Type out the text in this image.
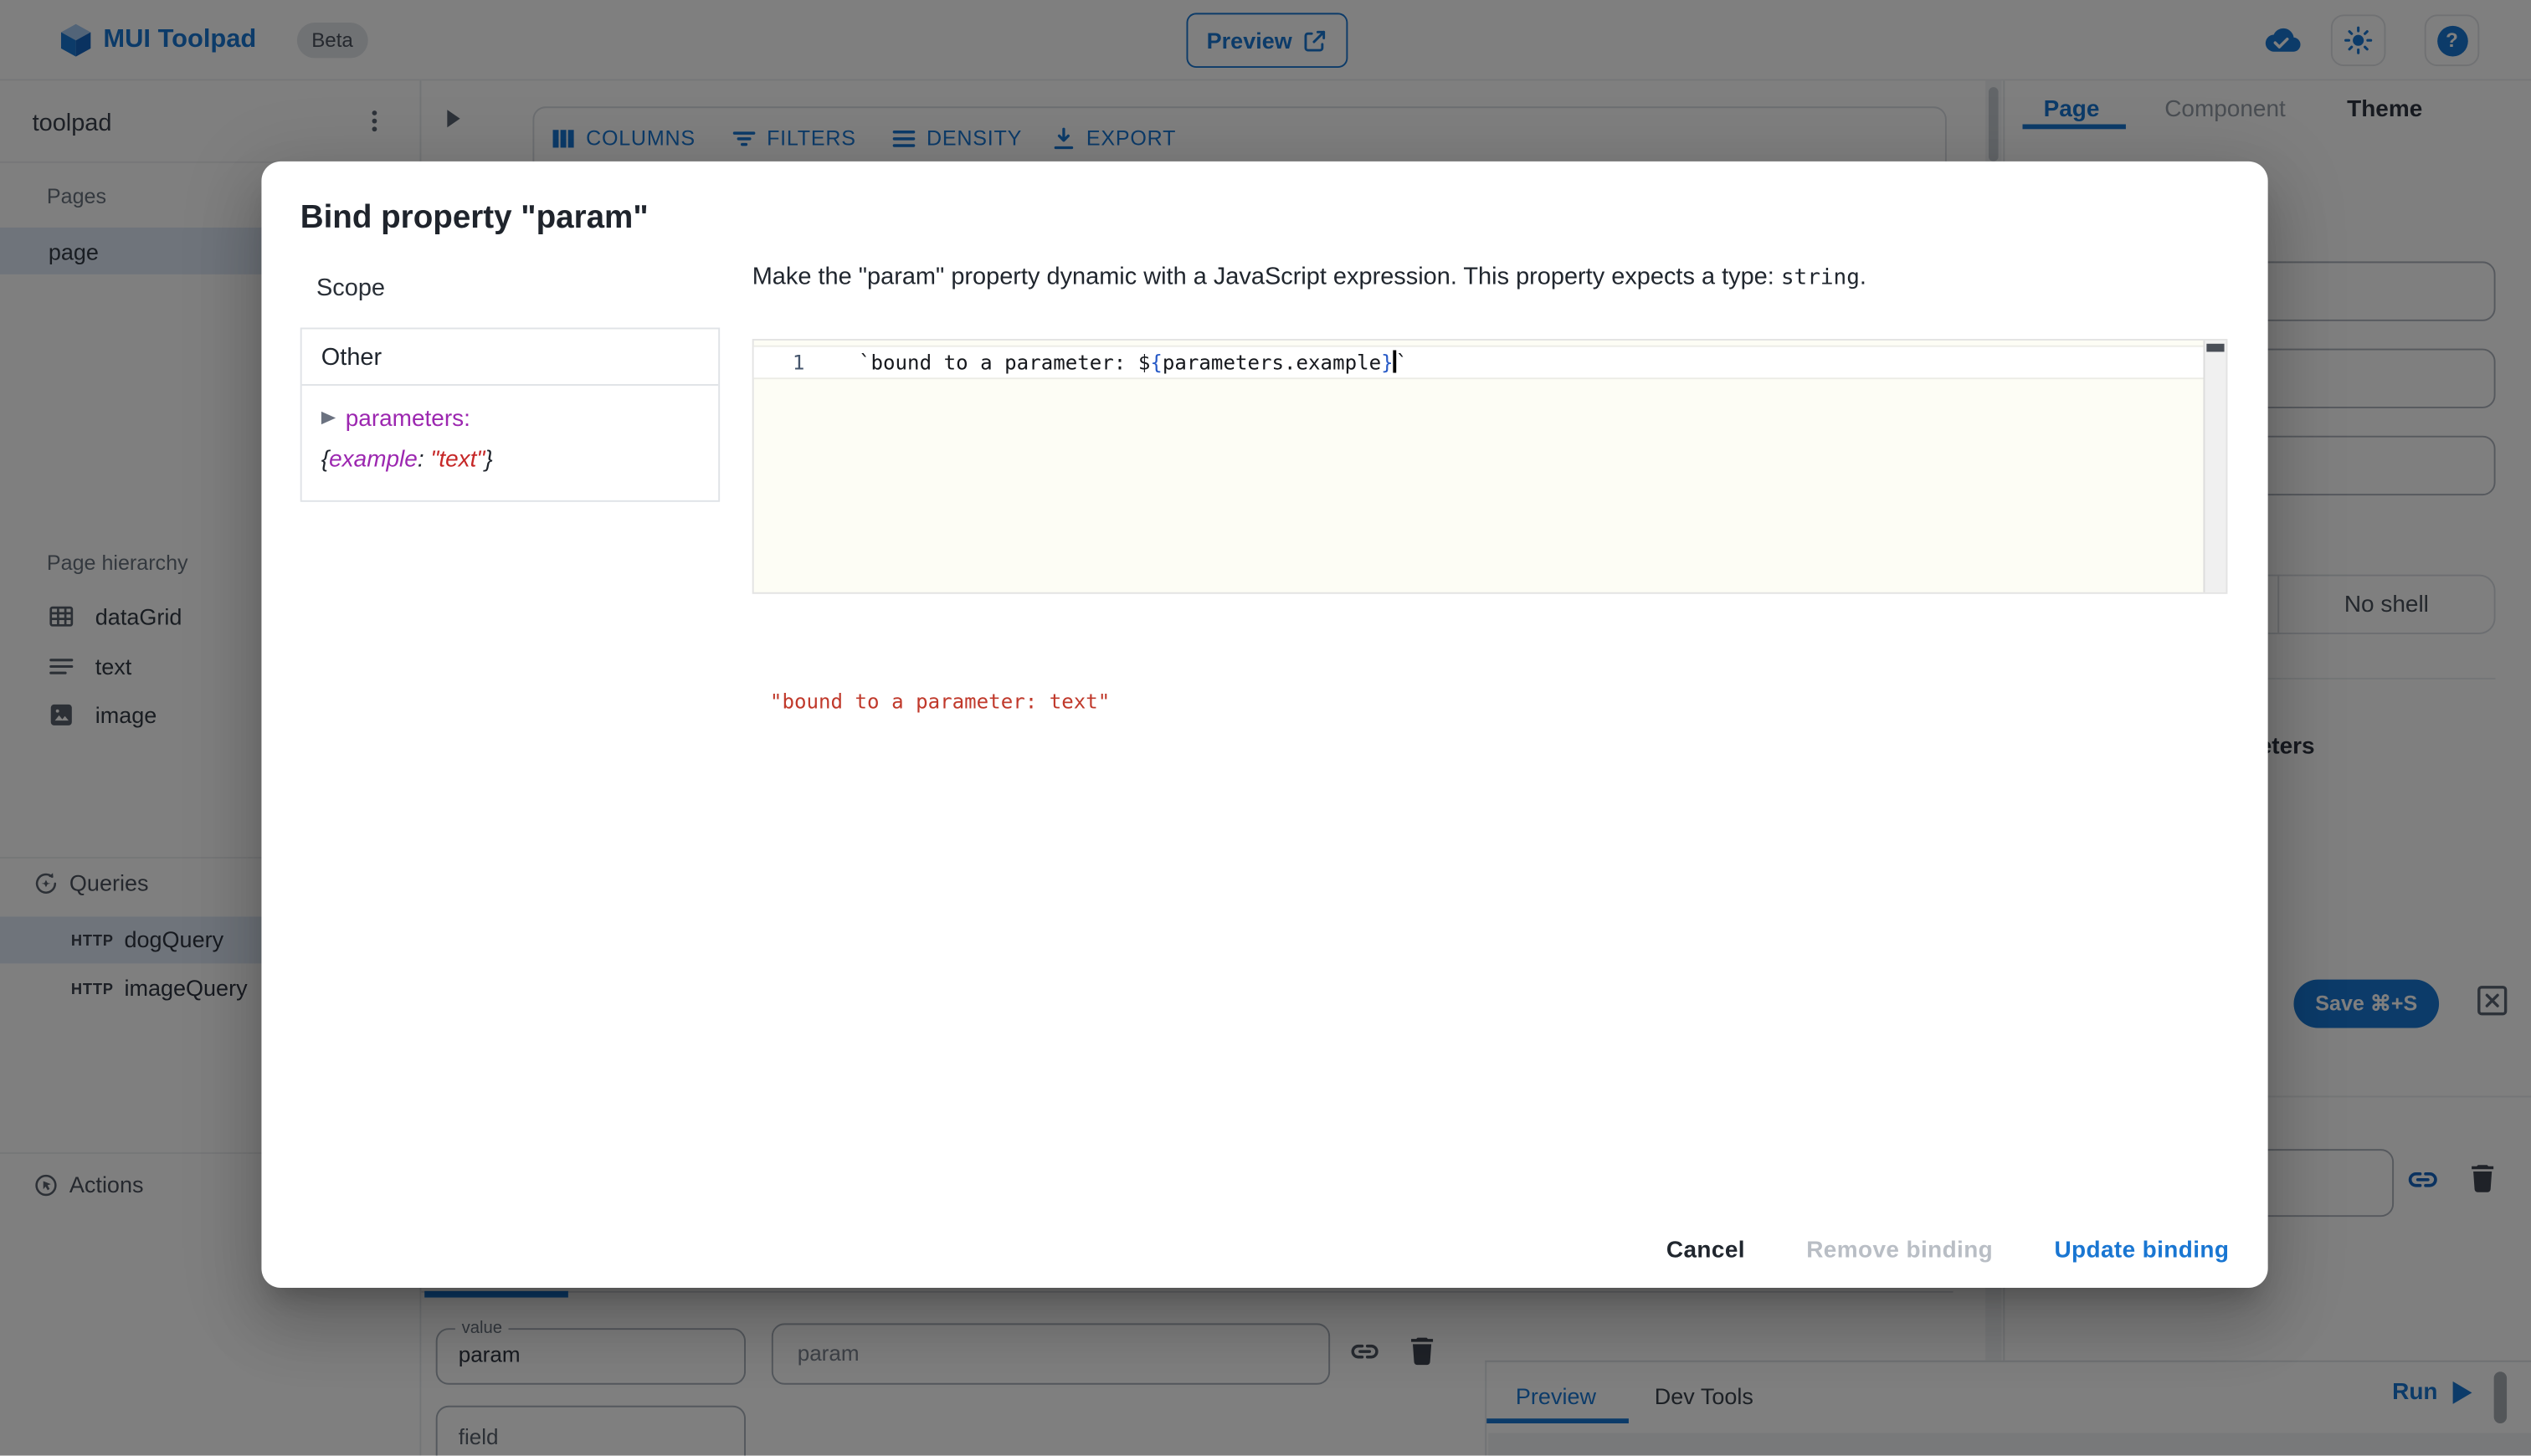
Bind property "param"
Scope
Other
parameters:
{example: "text"}
Make the "param" property dynamic with a JavaScript expression. This property expects a type: string.
1	`bound to a parameter: ${parameters.example} `
"bound to a parameter: text"
Cancel	Remove binding	Update binding
